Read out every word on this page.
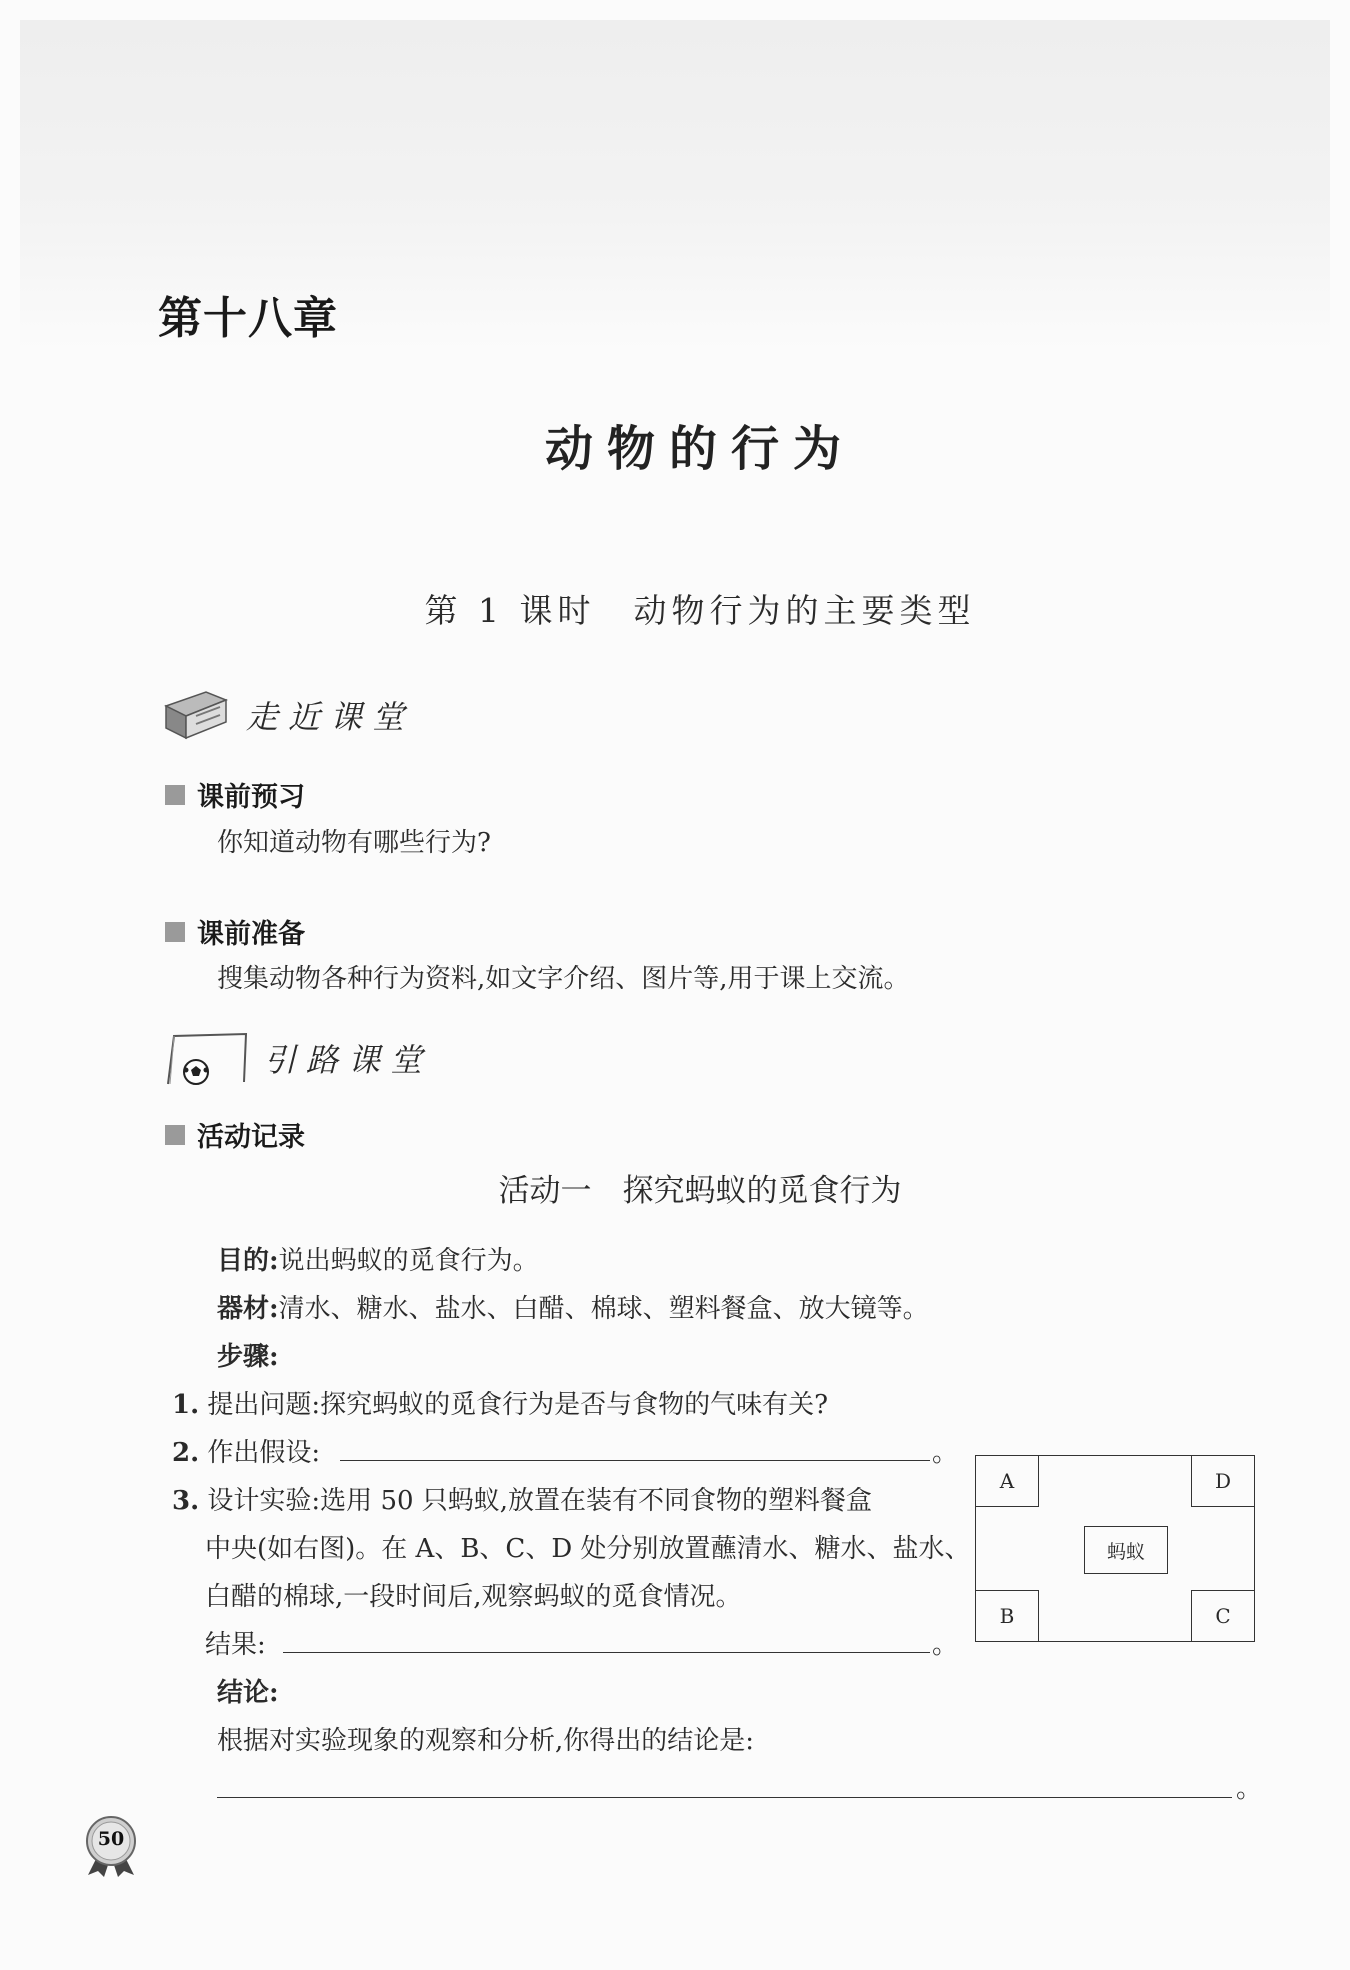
第十八章
动物的行为
第 1 课时　动物行为的主要类型
走近课堂
课前预习
你知道动物有哪些行为?
课前准备
搜集动物各种行为资料,如文字介绍、图片等,用于课上交流。
引路课堂
活动记录
活动一　探究蚂蚁的觅食行为
目的:说出蚂蚁的觅食行为。
器材:清水、糖水、盐水、白醋、棉球、塑料餐盒、放大镜等。
步骤:
1. 提出问题:探究蚂蚁的觅食行为是否与食物的气味有关?
2. 作出假设:	。
3. 设计实验:选用 50 只蚂蚁,放置在装有不同食物的塑料餐盒
中央(如右图)。在 A、B、C、D 处分别放置蘸清水、糖水、盐水、
白醋的棉球,一段时间后,观察蚂蚁的觅食情况。
结果:	。
结论:
根据对实验现象的观察和分析,你得出的结论是:
。
A	D
B	C
蚂蚁
50
